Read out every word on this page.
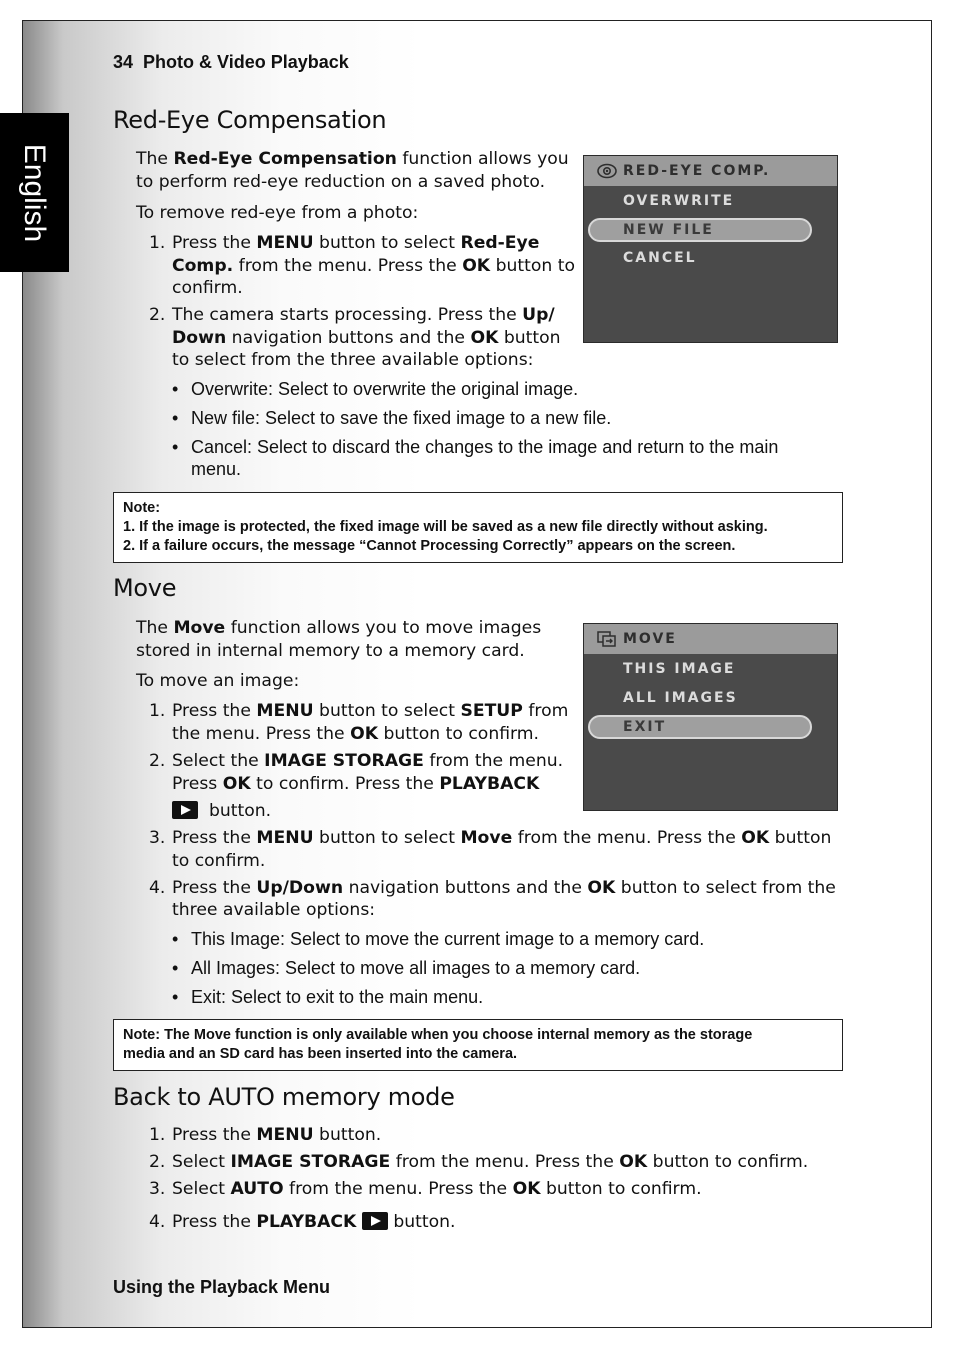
English
34 Photo & Video Playback
Red-Eye Compensation
The Red-Eye Compensation function allows you
to perform red-eye reduction on a saved photo.
To remove red-eye from a photo:
1. Press the MENU button to select Red-Eye
Comp. from the menu. Press the OK button to
confirm.
2. The camera starts processing. Press the Up/
Down navigation buttons and the OK button
to select from the three available options:
• Overwrite: Select to overwrite the original image.
• New file: Select to save the fixed image to a new file.
• Cancel: Select to discard the changes to the image and return to the main
menu.
RED-EYE COMP.
OVERWRITE
NEW FILE
CANCEL
Note:
1. If the image is protected, the fixed image will be saved as a new file directly without asking.
2. If a failure occurs, the message “Cannot Processing Correctly” appears on the screen.
Move
The Move function allows you to move images
stored in internal memory to a memory card.
To move an image:
1. Press the MENU button to select SETUP from
the menu. Press the OK button to confirm.
2. Select the IMAGE STORAGE from the menu.
Press OK to confirm. Press the PLAYBACK
button.
3. Press the MENU button to select Move from the menu. Press the OK button
to confirm.
4. Press the Up/Down navigation buttons and the OK button to select from the
three available options:
• This Image: Select to move the current image to a memory card.
• All Images: Select to move all images to a memory card.
• Exit: Select to exit to the main menu.
MOVE
THIS IMAGE
ALL IMAGES
EXIT
Note: The Move function is only available when you choose internal memory as the storage
media and an SD card has been inserted into the camera.
Back to AUTO memory mode
1. Press the MENU button.
2. Select IMAGE STORAGE from the menu. Press the OK button to confirm.
3. Select AUTO from the menu. Press the OK button to confirm.
4. Press the PLAYBACK button.
Using the Playback Menu
